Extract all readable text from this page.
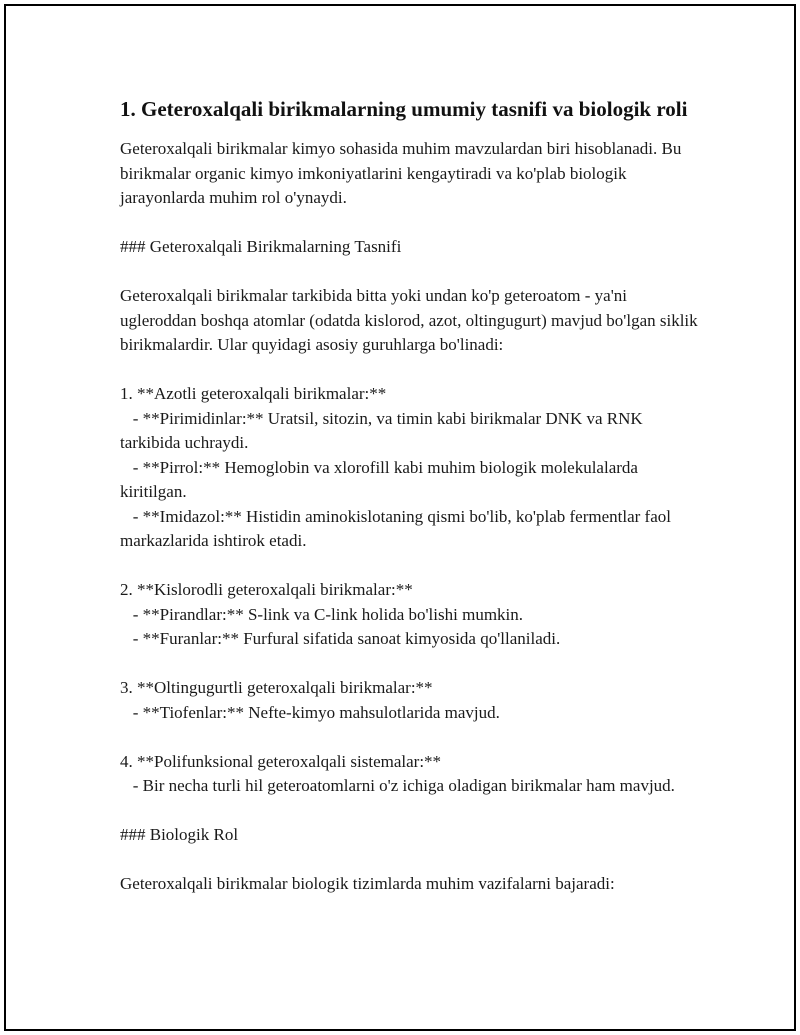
1. Geteroxalqali birikmalarning umumiy tasnifi va biologik roli

Geteroxalqali birikmalar kimyo sohasida muhim mavzulardan biri hisoblanadi. Bu birikmalar organic kimyo imkoniyatlarini kengaytiradi va ko'plab biologik jarayonlarda muhim rol o'ynaydi.

### Geteroxalqali Birikmalarning Tasnifi

Geteroxalqali birikmalar tarkibida bitta yoki undan ko'p geteroatom - ya'ni ugleroddan boshqa atomlar (odatda kislorod, azot, oltingugurt) mavjud bo'lgan siklik birikmalardir. Ular quyidagi asosiy guruhlarga bo'linadi:

1. **Azotli geteroxalqali birikmalar:**
- **Pirimidinlar:** Uratsil, sitozin, va timin kabi birikmalar DNK va RNK tarkibida uchraydi.
- **Pirrol:** Hemoglobin va xlorofill kabi muhim biologik molekulalarda kiritilgan.
- **Imidazol:** Histidin aminokislotaning qismi bo'lib, ko'plab fermentlar faol markazlarida ishtirok etadi.

2. **Kislorodli geteroxalqali birikmalar:**
- **Pirandlar:** S-link va C-link holida bo'lishi mumkin.
- **Furanlar:** Furfural sifatida sanoat kimyosida qo'llaniladi.

3. **Oltingugurtli geteroxalqali birikmalar:**
- **Tiofenlar:** Nefte-kimyo mahsulotlarida mavjud.

4. **Polifunksional geteroxalqali sistemalar:**
- Bir necha turli hil geteroatomlarni o'z ichiga oladigan birikmalar ham mavjud.

### Biologik Rol

Geteroxalqali birikmalar biologik tizimlarda muhim vazifalarni bajaradi:
